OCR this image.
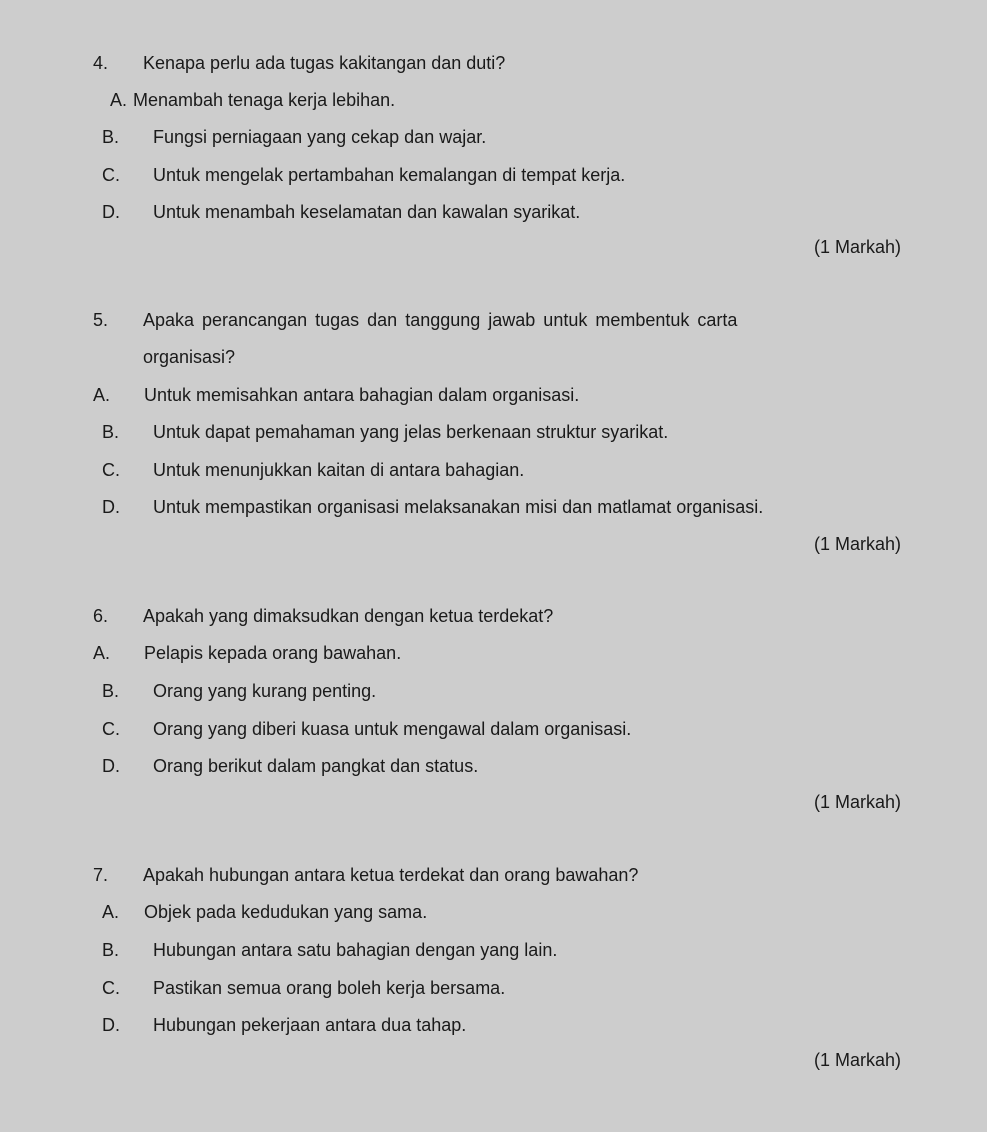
4. Kenapa perlu ada tugas kakitangan dan duti?
A. Menambah tenaga kerja lebihan.
B. Fungsi perniagaan yang cekap dan wajar.
C. Untuk mengelak pertambahan kemalangan di tempat kerja.
D. Untuk menambah keselamatan dan kawalan syarikat.
(1 Markah)
5. Apaka perancangan tugas dan tanggung jawab untuk membentuk carta
organisasi?
A. Untuk memisahkan antara bahagian dalam organisasi.
B. Untuk dapat pemahaman yang jelas berkenaan struktur syarikat.
C. Untuk menunjukkan kaitan di antara bahagian.
D. Untuk mempastikan organisasi melaksanakan misi dan matlamat organisasi.
(1 Markah)
6. Apakah yang dimaksudkan dengan ketua terdekat?
A. Pelapis kepada orang bawahan.
B. Orang yang kurang penting.
C. Orang yang diberi kuasa untuk mengawal dalam organisasi.
D. Orang berikut dalam pangkat dan status.
(1 Markah)
7. Apakah hubungan antara ketua terdekat dan orang bawahan?
A. Objek pada kedudukan yang sama.
B. Hubungan antara satu bahagian dengan yang lain.
C. Pastikan semua orang boleh kerja bersama.
D. Hubungan pekerjaan antara dua tahap.
(1 Markah)
